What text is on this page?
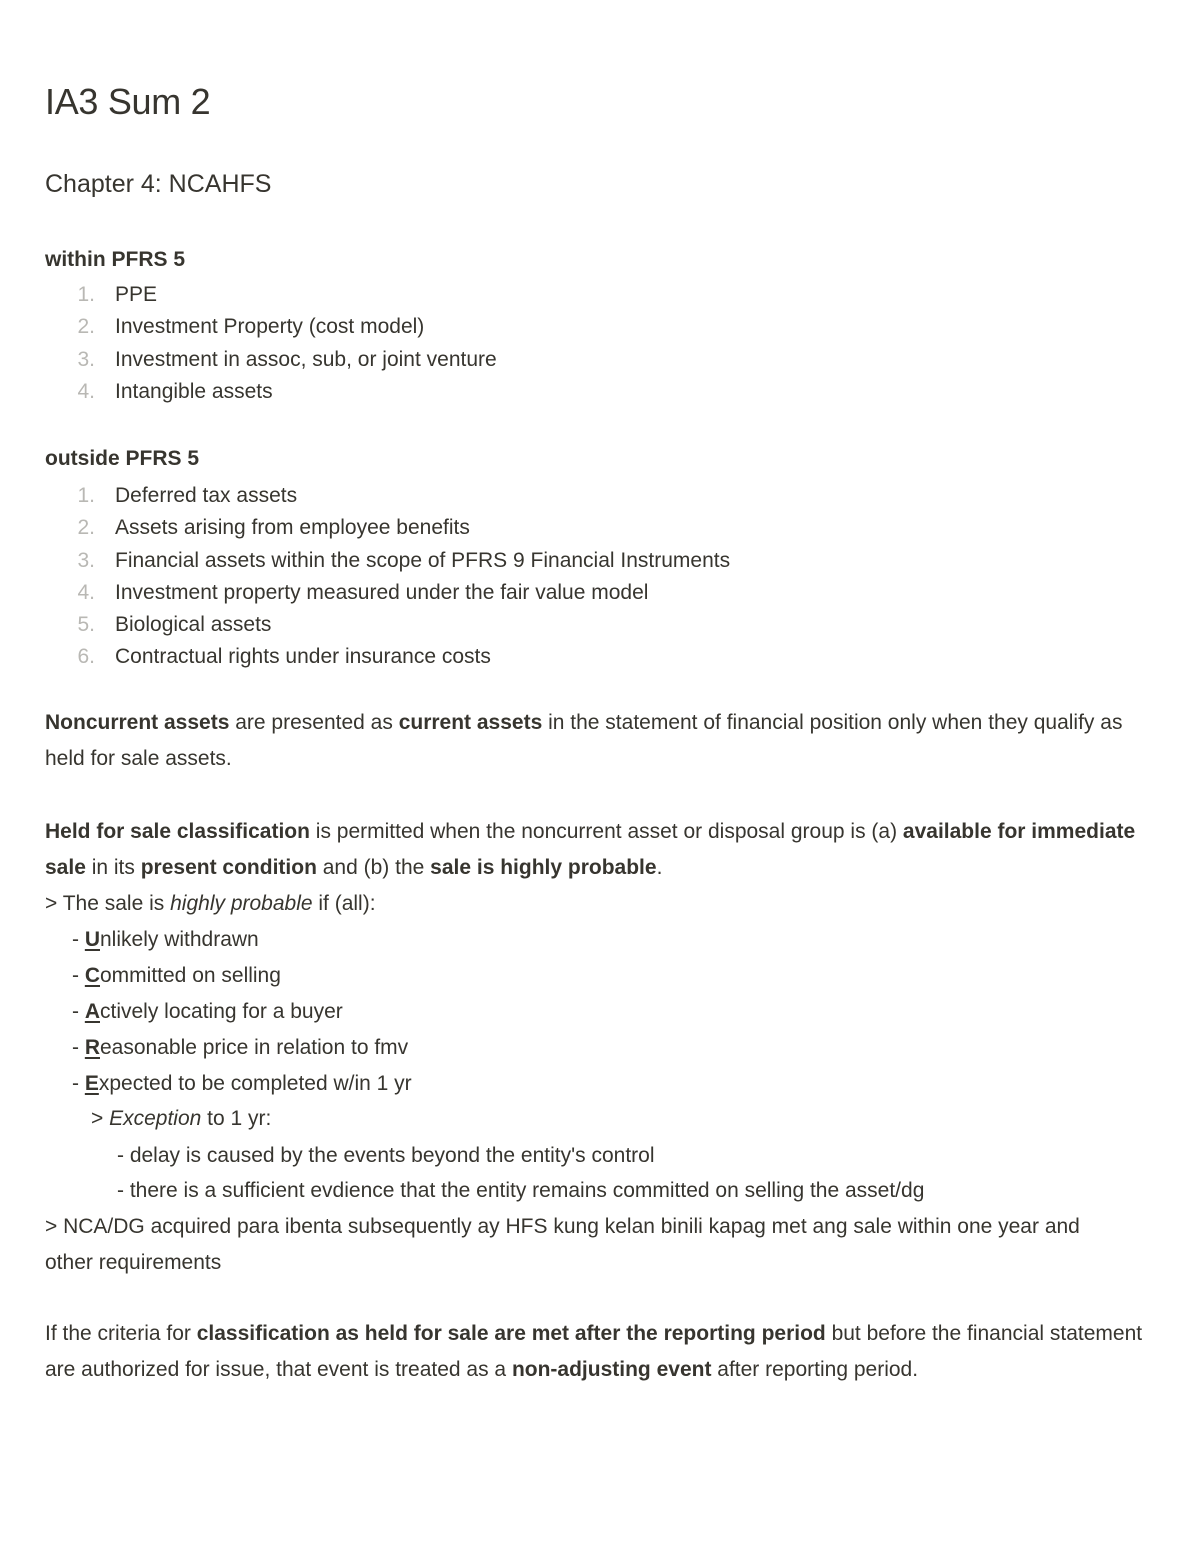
IA3 Sum 2
Chapter 4: NCAHFS
within PFRS 5
1. PPE
2. Investment Property (cost model)
3. Investment in assoc, sub, or joint venture
4. Intangible assets
outside PFRS 5
1. Deferred tax assets
2. Assets arising from employee benefits
3. Financial assets within the scope of PFRS 9 Financial Instruments
4. Investment property measured under the fair value model
5. Biological assets
6. Contractual rights under insurance costs

Noncurrent assets are presented as current assets in the statement of financial position only when they qualify as held for sale assets.

Held for sale classification is permitted when the noncurrent asset or disposal group is (a) available for immediate sale in its present condition and (b) the sale is highly probable.

> The sale is highly probable if (all):
- Unlikely withdrawn
- Committed on selling
- Actively locating for a buyer
- Reasonable price in relation to fmv
- Expected to be completed w/in 1 yr
> Exception to 1 yr:
- delay is caused by the events beyond the entity's control
- there is a sufficient evdience that the entity remains committed on selling the asset/dg

> NCA/DG acquired para ibenta subsequently ay HFS kung kelan binili kapag met ang sale within one year and other requirements

If the criteria for classification as held for sale are met after the reporting period but before the financial statement are authorized for issue, that event is treated as a non-adjusting event after reporting period.
